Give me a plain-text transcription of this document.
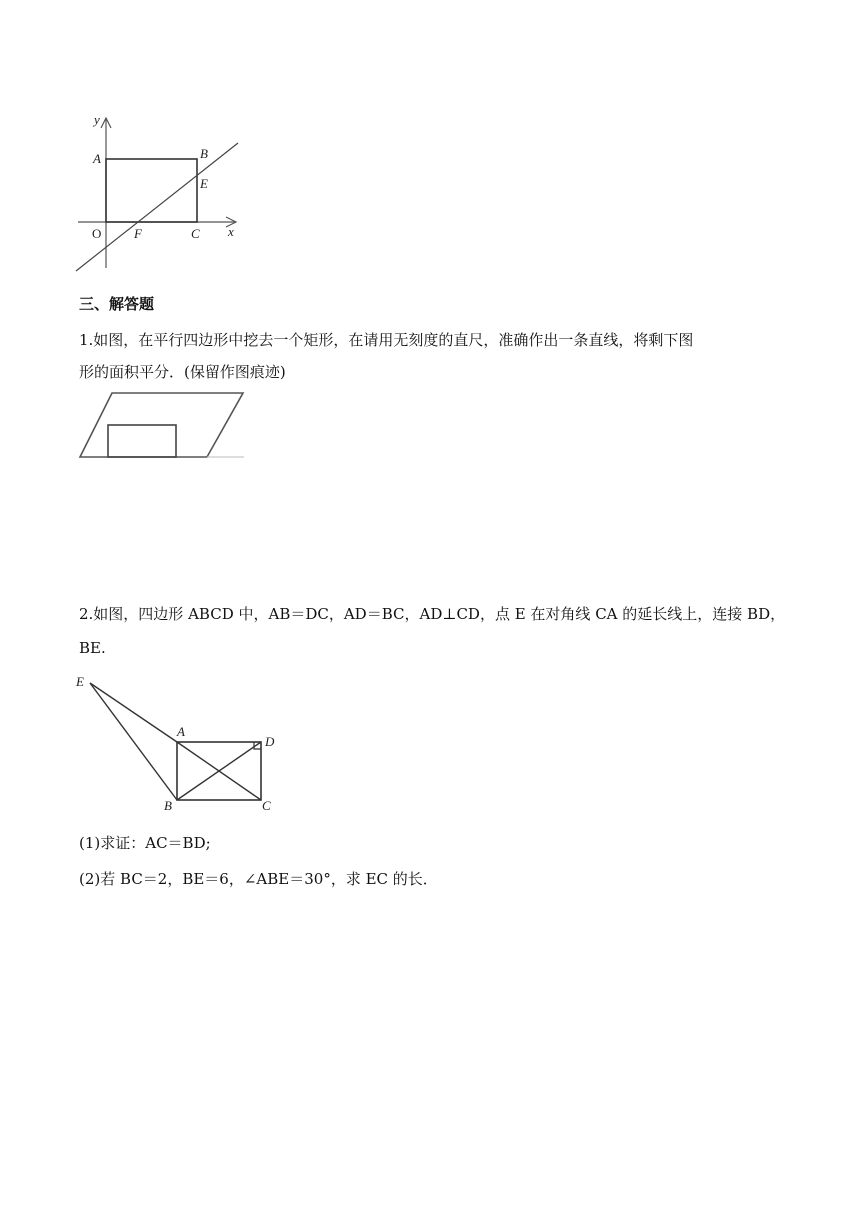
y
x
A	B
E
O	F	C
三、解答题
1.如图，在平行四边形中挖去一个矩形，在请用无刻度的直尺，准确作出一条直线，将剩下图
形的面积平分．(保留作图痕迹)
2.如图，四边形 ABCD 中，AB＝DC，AD＝BC，AD⊥CD，点 E 在对角线 CA 的延长线上，连接 BD，
BE.
E
A
D
B	C
(1)求证：AC＝BD;
(2)若 BC＝2，BE＝6，∠ABE＝30°，求 EC 的长．
